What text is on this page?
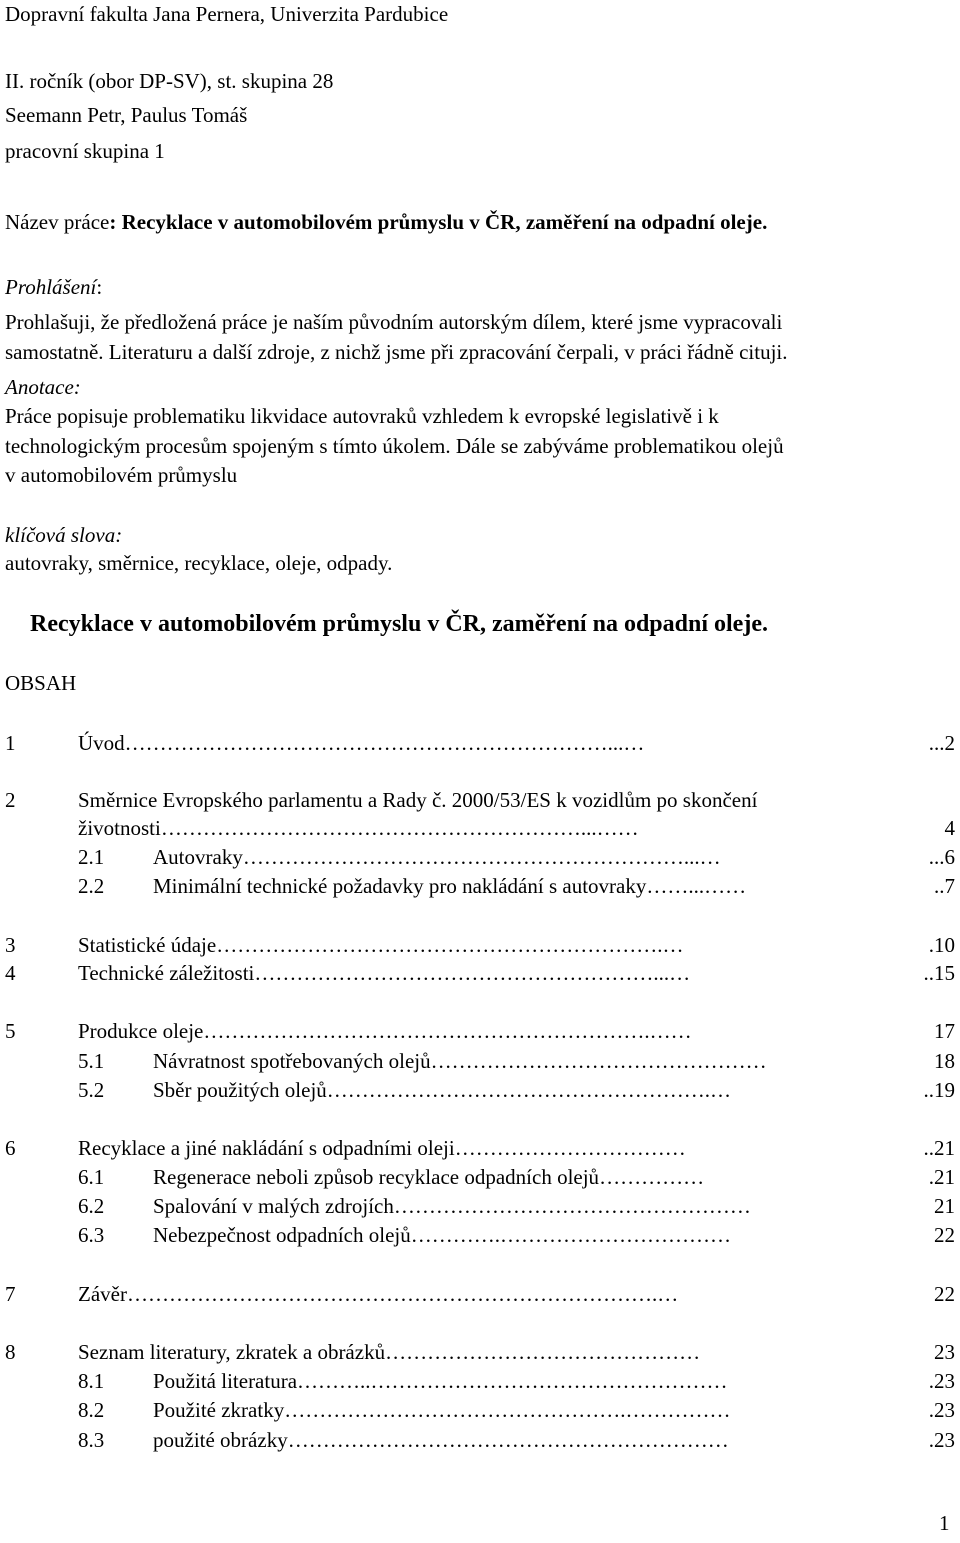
Dopravní fakulta Jana Pernera, Univerzita Pardubice
II. ročník (obor DP-SV), st. skupina 28
Seemann Petr, Paulus Tomáš
pracovní skupina 1
Název práce: Recyklace v automobilovém průmyslu v ČR, zaměření na odpadní oleje.
Prohlášení:
Prohlašuji, že předložená práce je naším původním autorským dílem, které jsme vypracovali
samostatně. Literaturu a další zdroje, z nichž jsme při zpracování čerpali, v práci řádně cituji.
Anotace:
Práce popisuje problematiku likvidace autovraků vzhledem k evropské legislativě i k
technologickým procesům spojeným s tímto úkolem. Dále se zabýváme problematikou olejů
v automobilovém průmyslu
klíčová slova:
autovraky, směrnice, recyklace, oleje, odpady.
Recyklace v automobilovém průmyslu v ČR, zaměření na odpadní oleje.
OBSAH
1	Úvod……………………………………………………………...…	...2
2	Směrnice Evropského parlamentu a Rady č. 2000/53/ES k vozidlům po skončení
životnosti……………………………………………………...……	4
2.1 Autovraky………………………………………………………...…	...6
2.2 Minimální technické požadavky pro nakládání s autovraky……...……	..7
3	Statistické údaje……………………………………………………….…	.10
4	Technické záležitosti…………………………………………………...…	..15
5	Produkce oleje……………………………………………………….……	17
5.1 Návratnost spotřebovaných olejů…………………………………………	18
5.2 Sběr použitých olejů……………………………………………….…	..19
6	Recyklace a jiné nakládání s odpadními oleji……………………………	..21
6.1 Regenerace neboli způsob recyklace odpadních olejů……………	.21
6.2 Spalování v malých zdrojích……………………………………………	21
6.3 Nebezpečnost odpadních olejů………….……………………………	22
7	Závěr………………………………………………………………….…	22
8	Seznam literatury, zkratek a obrázků………………………………………	23
8.1 Použitá literatura………..……………………………………………	.23
8.2 Použité zkratky………………………………………….……………	.23
8.3 použité obrázky………………………………………………………	.23
1
